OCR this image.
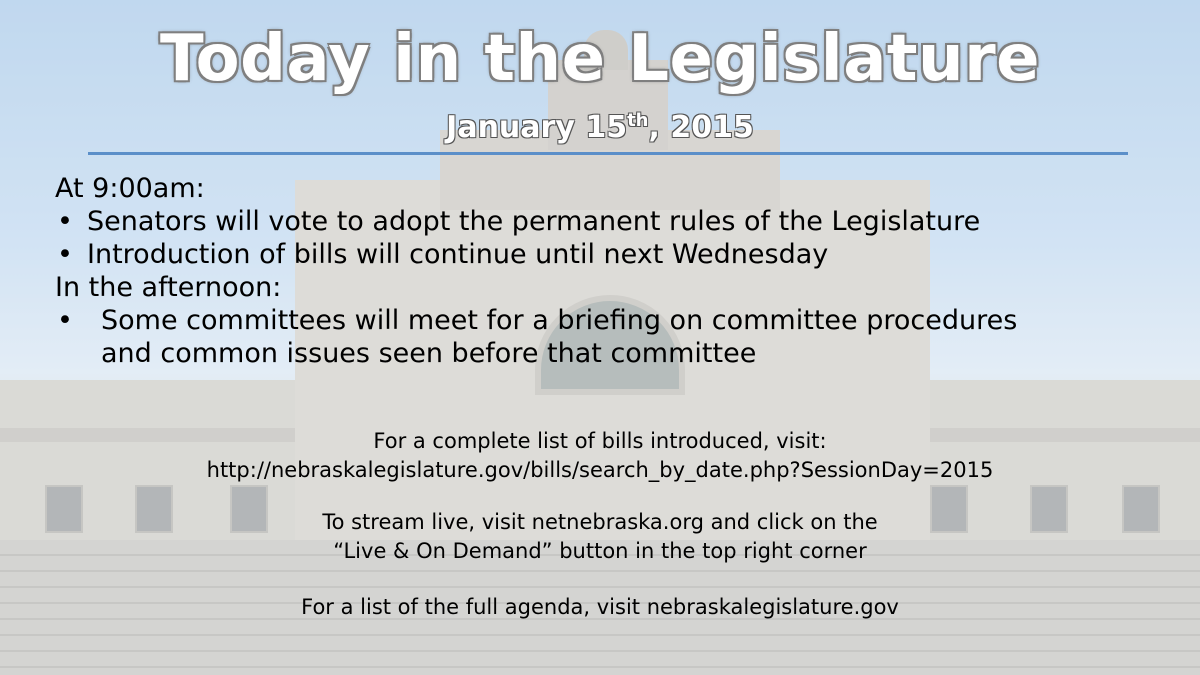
Today in the Legislature
January 15th, 2015
At 9:00am:
• Senators will vote to adopt the permanent rules of the Legislature
• Introduction of bills will continue until next Wednesday
In the afternoon:
• Some committees will meet for a briefing on committee procedures
and common issues seen before that committee

For a complete list of bills introduced, visit:

http://nebraskalegislature.gov/bills/search_by_date.php?SessionDay=2015

To stream live, visit netnebraska.org and click on the

“Live & On Demand” button in the top right corner

For a list of the full agenda, visit nebraskalegislature.gov
